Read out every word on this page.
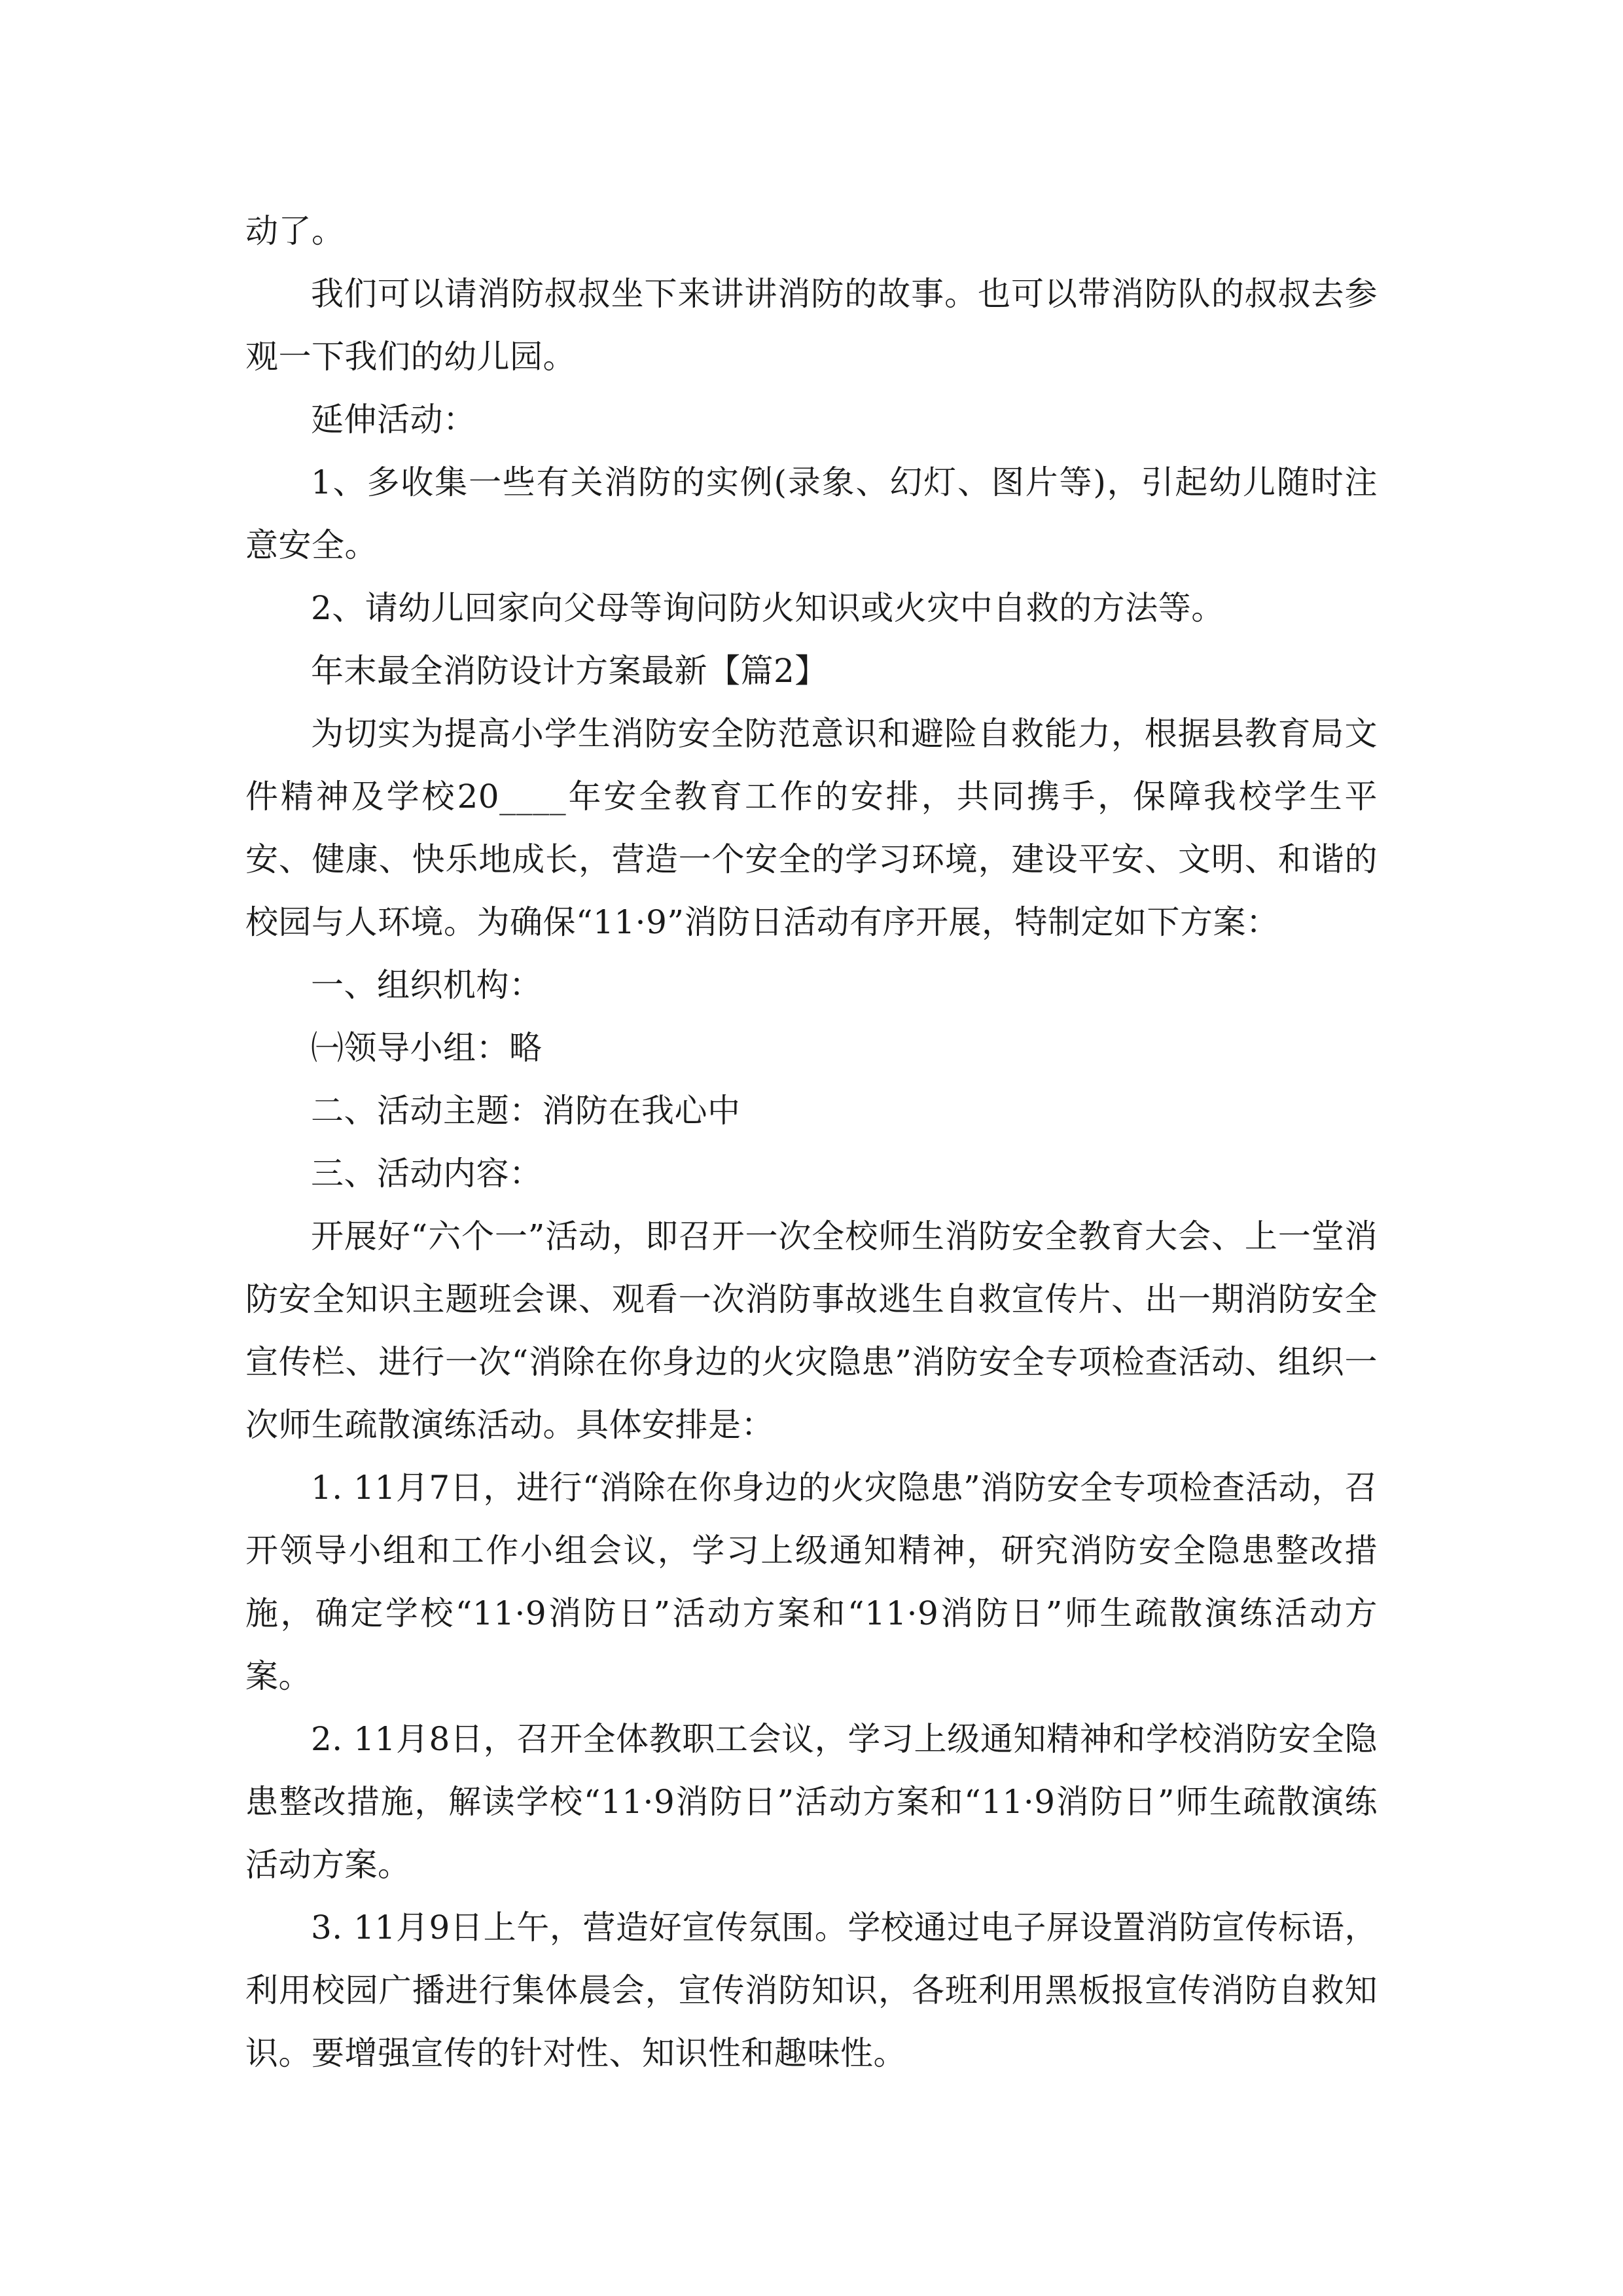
动了。

我们可以请消防叔叔坐下来讲讲消防的故事。也可以带消防队的叔叔去参观一下我们的幼儿园。

延伸活动：

1、多收集一些有关消防的实例(录象、幻灯、图片等)，引起幼儿随时注意安全。

2、请幼儿回家向父母等询问防火知识或火灾中自救的方法等。

年末最全消防设计方案最新【篇2】

为切实为提高小学生消防安全防范意识和避险自救能力，根据县教育局文件精神及学校20____年安全教育工作的安排，共同携手，保障我校学生平安、健康、快乐地成长，营造一个安全的学习环境，建设平安、文明、和谐的校园与人环境。为确保“11·9”消防日活动有序开展，特制定如下方案：

一、组织机构：

㈠领导小组：略

二、活动主题：消防在我心中

三、活动内容：

开展好“六个一”活动，即召开一次全校师生消防安全教育大会、上一堂消防安全知识主题班会课、观看一次消防事故逃生自救宣传片、出一期消防安全宣传栏、进行一次“消除在你身边的火灾隐患”消防安全专项检查活动、组织一次师生疏散演练活动。具体安排是：

1. 11月7日，进行“消除在你身边的火灾隐患”消防安全专项检查活动，召开领导小组和工作小组会议，学习上级通知精神，研究消防安全隐患整改措施，确定学校“11·9消防日”活动方案和“11·9消防日”师生疏散演练活动方案。

2. 11月8日，召开全体教职工会议，学习上级通知精神和学校消防安全隐患整改措施，解读学校“11·9消防日”活动方案和“11·9消防日”师生疏散演练活动方案。

3. 11月9日上午，营造好宣传氛围。学校通过电子屏设置消防宣传标语，利用校园广播进行集体晨会，宣传消防知识，各班利用黑板报宣传消防自救知识。要增强宣传的针对性、知识性和趣味性。
